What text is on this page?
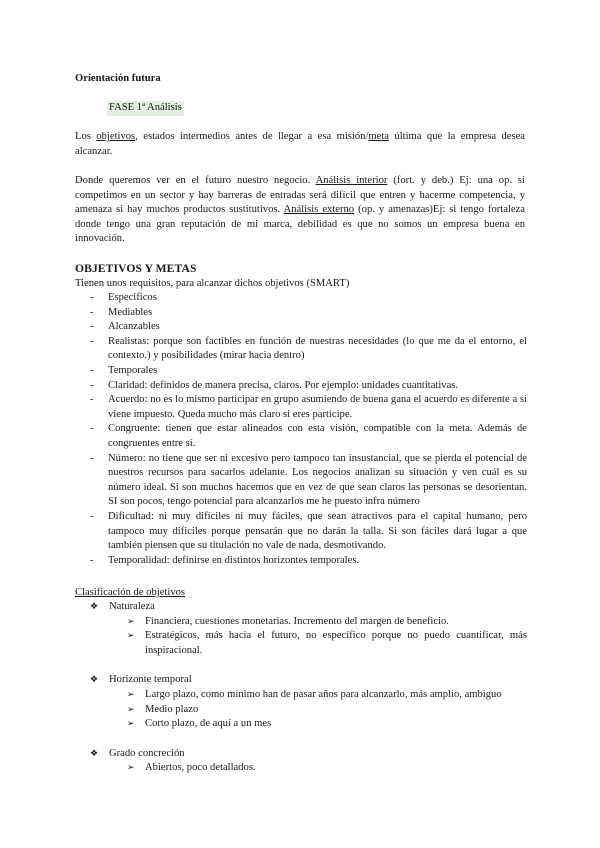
Orientación futura
FASE 1ª Análisis
Los objetivos, estados intermedios antes de llegar a esa misión/meta última que la empresa desea alcanzar.
Donde queremos ver en el futuro nuestro negocio. Análisis interior (fort. y deb.) Ej: una op. si competimos en un sector y hay barreras de entradas será difícil que entren y hacerme competencia, y amenaza si hay muchos productos sustitutivos. Análisis externo (op. y amenazas)Ej: si tengo fortaleza donde tengo una gran reputación de mi marca, debilidad es que no somos un empresa buena en innovación.
OBJETIVOS Y METAS
Tienen unos requisitos, para alcanzar dichos objetivos (SMART)
- Específicos
- Mediables
- Alcanzables
- Realistas: porque son factibles en función de nuestras necesidades (lo que me da el entorno, el contexto.) y posibilidades (mirar hacia dentro)
- Temporales
- Claridad: definidos de manera precisa, claros. Por ejemplo: unidades cuantitativas.
- Acuerdo: no es lo mismo participar en grupo asumiendo de buena gana el acuerdo es diferente a si viene impuesto. Queda mucho más claro si eres participe.
- Congruente: tienen que estar alineados con esta visión, compatible con la meta. Además de congruentes entre sí.
- Número: no tiene que ser ni excesivo pero tampoco tan insustancial, que se pierda el potencial de nuestros recursos para sacarlos adelante. Los negocios analizan su situación y ven cuál es su número ideal. Si son muchos hacemos que en vez de que sean claros las personas se desorientan. SI son pocos, tengo potencial para alcanzarlos me he puesto infra número
- Dificultad: ni muy difíciles ni muy fáciles, que sean atractivos para el capital humano, pero tampoco muy difíciles porque pensarán que no darán la talla. Si son fáciles dará lugar a que también piensen que su titulación no vale de nada, desmotivando.
- Temporalidad: definirse en distintos horizontes temporales.
Clasificación de objetivos
❖ Naturaleza
➢ Financiera, cuestiones monetarias. Incremento del margen de beneficio.
➢ Estratégicos, más hacia el futuro, no específico porque no puedo cuantificar, más inspiracional.
❖ Horizonte temporal
➢ Largo plazo, como mínimo han de pasar años para alcanzarlo, más amplio, ambiguo
➢ Medio plazo
➢ Corto plazo, de aquí a un mes
❖ Grado concreción
➢ Abiertos, poco detallados.
